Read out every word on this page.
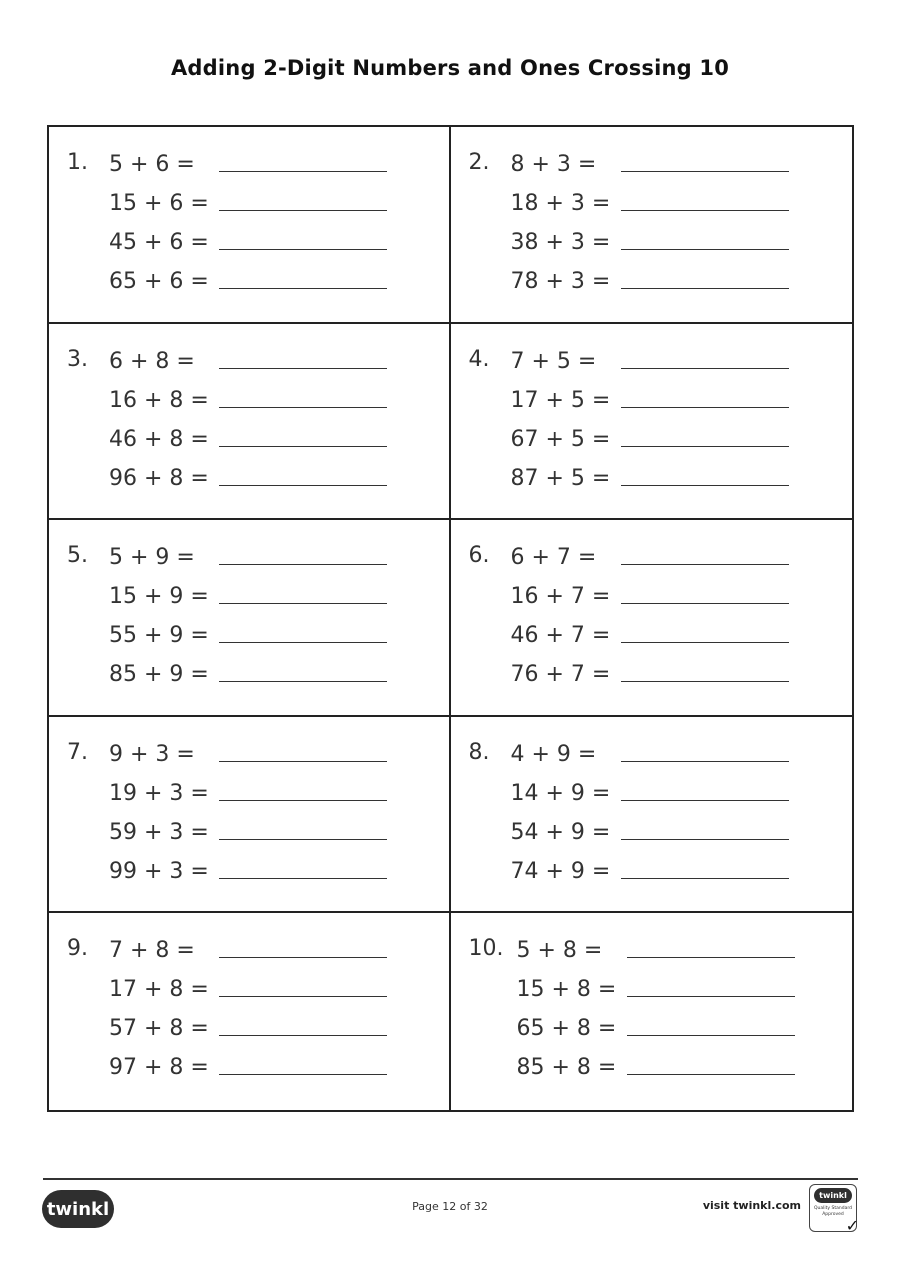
Adding 2-Digit Numbers and Ones Crossing 10
1. 5 + 6 =
15 + 6 =
45 + 6 =
65 + 6 =
2. 8 + 3 =
18 + 3 =
38 + 3 =
78 + 3 =
3. 6 + 8 =
16 + 8 =
46 + 8 =
96 + 8 =
4. 7 + 5 =
17 + 5 =
67 + 5 =
87 + 5 =
5. 5 + 9 =
15 + 9 =
55 + 9 =
85 + 9 =
6. 6 + 7 =
16 + 7 =
46 + 7 =
76 + 7 =
7. 9 + 3 =
19 + 3 =
59 + 3 =
99 + 3 =
8. 4 + 9 =
14 + 9 =
54 + 9 =
74 + 9 =
9. 7 + 8 =
17 + 8 =
57 + 8 =
97 + 8 =
10. 5 + 8 =
15 + 8 =
65 + 8 =
85 + 8 =
twinkl	Page 12 of 32	visit twinkl.com
twinkl
Quality Standard Approved
✓
